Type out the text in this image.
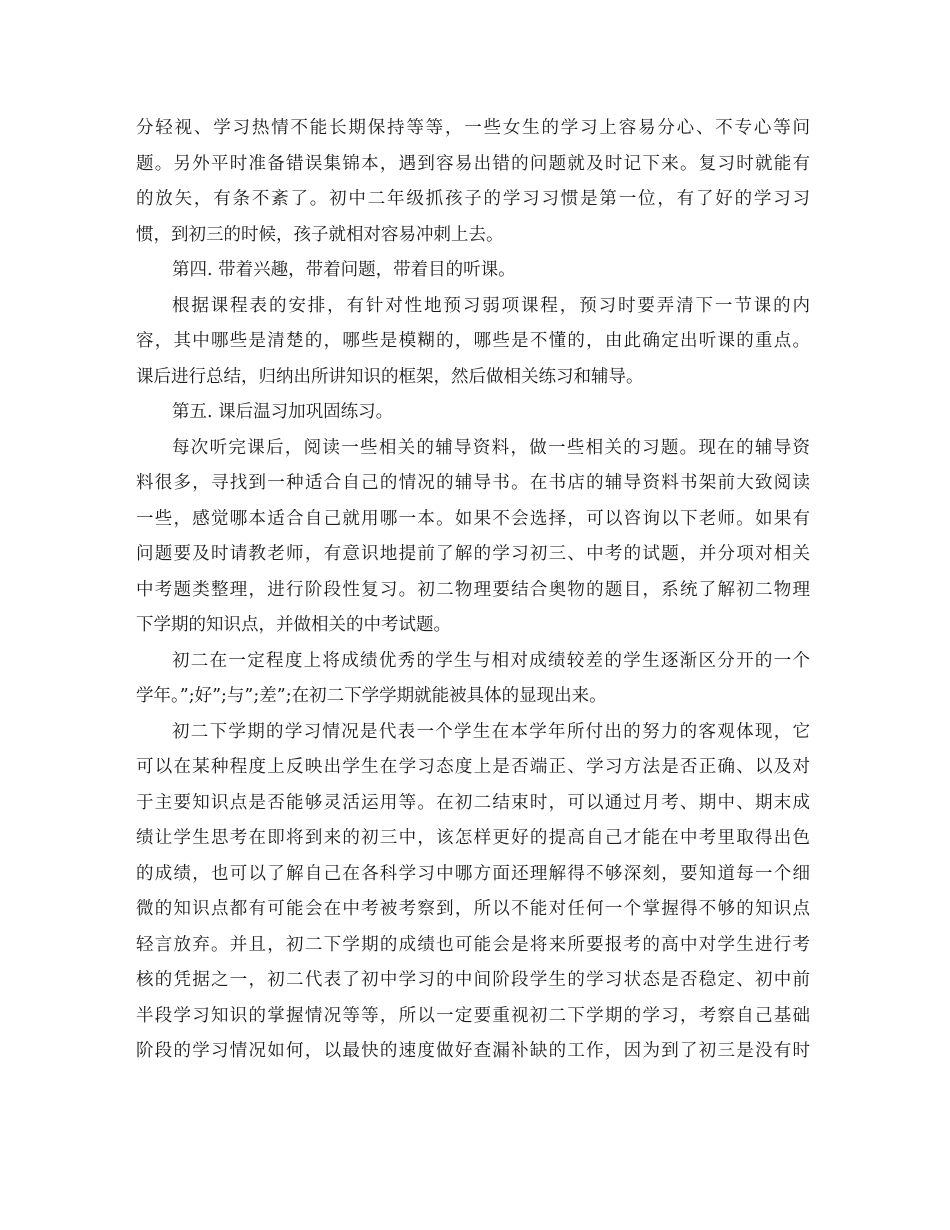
分轻视、学习热情不能长期保持等等，一些女生的学习上容易分心、不专心等问
题。另外平时准备错误集锦本，遇到容易出错的问题就及时记下来。复习时就能有
的放矢，有条不紊了。初中二年级抓孩子的学习习惯是第一位，有了好的学习习
惯，到初三的时候，孩子就相对容易冲刺上去。
第四. 带着兴趣，带着问题，带着目的听课。
根据课程表的安排，有针对性地预习弱项课程，预习时要弄清下一节课的内
容，其中哪些是清楚的，哪些是模糊的，哪些是不懂的，由此确定出听课的重点。
课后进行总结，归纳出所讲知识的框架，然后做相关练习和辅导。
第五. 课后温习加巩固练习。
每次听完课后，阅读一些相关的辅导资料，做一些相关的习题。现在的辅导资
料很多，寻找到一种适合自己的情况的辅导书。在书店的辅导资料书架前大致阅读
一些，感觉哪本适合自己就用哪一本。如果不会选择，可以咨询以下老师。如果有
问题要及时请教老师，有意识地提前了解的学习初三、中考的试题，并分项对相关
中考题类整理，进行阶段性复习。初二物理要结合奥物的题目，系统了解初二物理
下学期的知识点，并做相关的中考试题。
初二在一定程度上将成绩优秀的学生与相对成绩较差的学生逐渐区分开的一个
学年。”;好”;与”;差”;在初二下学学期就能被具体的显现出来。
初二下学期的学习情况是代表一个学生在本学年所付出的努力的客观体现，它
可以在某种程度上反映出学生在学习态度上是否端正、学习方法是否正确、以及对
于主要知识点是否能够灵活运用等。在初二结束时，可以通过月考、期中、期末成
绩让学生思考在即将到来的初三中，该怎样更好的提高自己才能在中考里取得出色
的成绩，也可以了解自己在各科学习中哪方面还理解得不够深刻，要知道每一个细
微的知识点都有可能会在中考被考察到，所以不能对任何一个掌握得不够的知识点
轻言放弃。并且，初二下学期的成绩也可能会是将来所要报考的高中对学生进行考
核的凭据之一，初二代表了初中学习的中间阶段学生的学习状态是否稳定、初中前
半段学习知识的掌握情况等等，所以一定要重视初二下学期的学习，考察自己基础
阶段的学习情况如何，以最快的速度做好查漏补缺的工作，因为到了初三是没有时
